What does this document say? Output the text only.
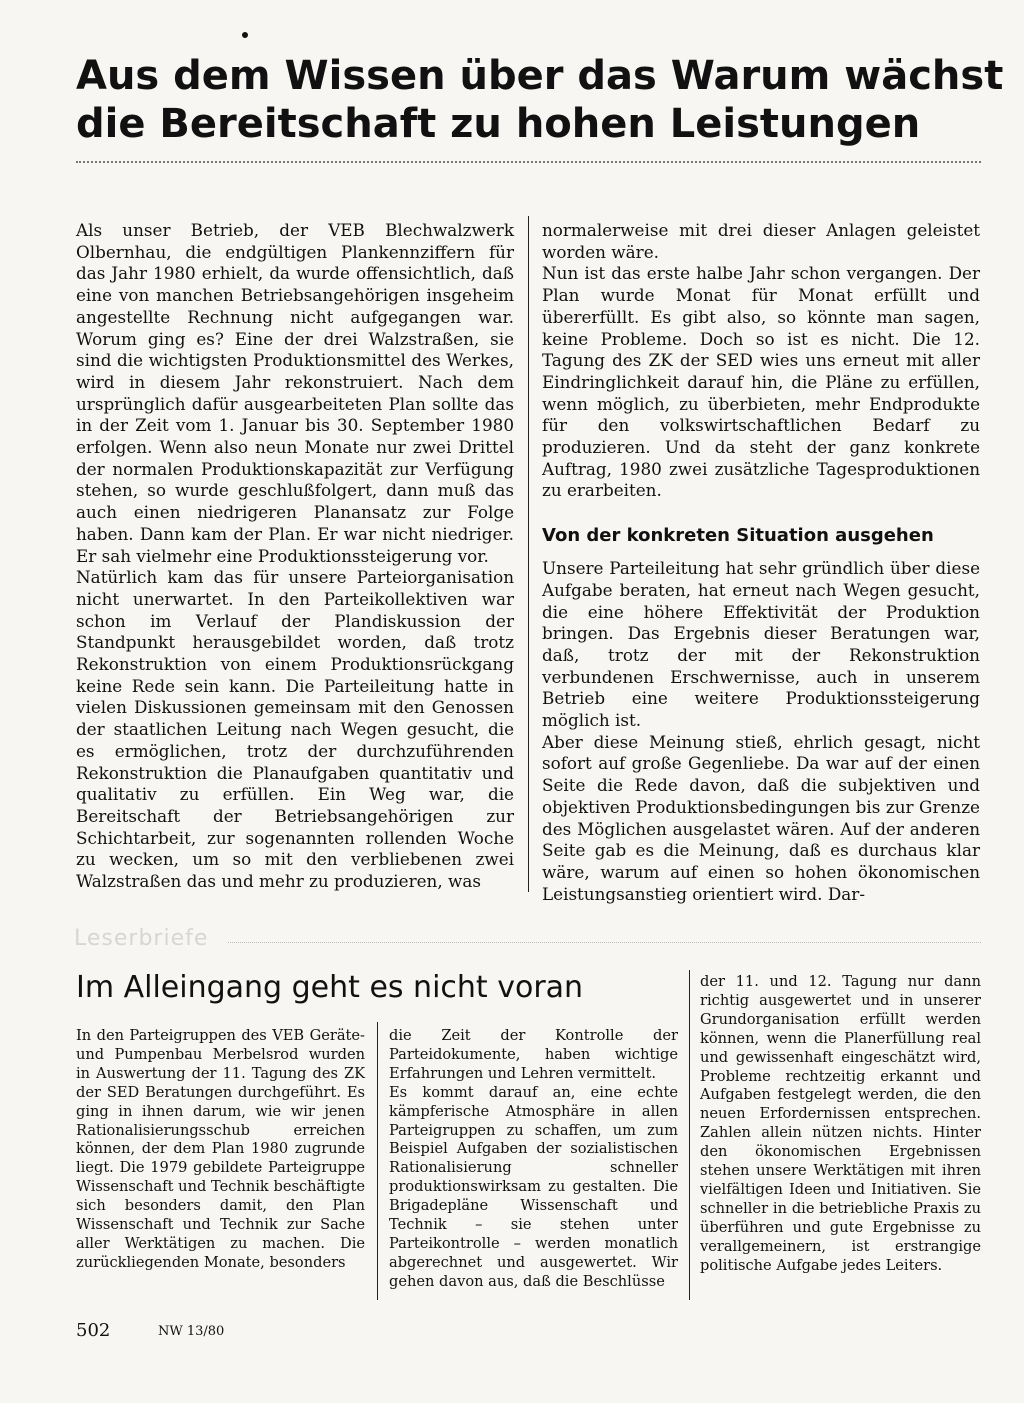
Aus dem Wissen über das Warum wächst
die Bereitschaft zu hohen Leistungen

Als unser Betrieb, der VEB Blechwalzwerk Olbernhau, die endgültigen Plankennziffern für das Jahr 1980 erhielt, da wurde offensichtlich, daß eine von manchen Betriebsangehörigen insgeheim angestellte Rechnung nicht aufgegangen war. Worum ging es? Eine der drei Walzstraßen, sie sind die wichtigsten Produktionsmittel des Werkes, wird in diesem Jahr rekonstruiert. Nach dem ursprünglich dafür ausgearbeiteten Plan sollte das in der Zeit vom 1. Januar bis 30. September 1980 erfolgen. Wenn also neun Monate nur zwei Drittel der normalen Produktionskapazität zur Verfügung stehen, so wurde geschlußfolgert, dann muß das auch einen niedrigeren Planansatz zur Folge haben. Dann kam der Plan. Er war nicht niedriger. Er sah vielmehr eine Produktionssteigerung vor.

Natürlich kam das für unsere Parteiorganisation nicht unerwartet. In den Parteikollektiven war schon im Verlauf der Plandiskussion der Standpunkt herausgebildet worden, daß trotz Rekonstruktion von einem Produktionsrückgang keine Rede sein kann. Die Parteileitung hatte in vielen Diskussionen gemeinsam mit den Genossen der staatlichen Leitung nach Wegen gesucht, die es ermöglichen, trotz der durchzuführenden Rekonstruktion die Planaufgaben quantitativ und qualitativ zu erfüllen. Ein Weg war, die Bereitschaft der Betriebsangehörigen zur Schichtarbeit, zur sogenannten rollenden Woche zu wecken, um so mit den verbliebenen zwei Walzstraßen das und mehr zu produzieren, was

normalerweise mit drei dieser Anlagen geleistet worden wäre.

Nun ist das erste halbe Jahr schon vergangen. Der Plan wurde Monat für Monat erfüllt und übererfüllt. Es gibt also, so könnte man sagen, keine Probleme. Doch so ist es nicht. Die 12. Tagung des ZK der SED wies uns erneut mit aller Eindringlichkeit darauf hin, die Pläne zu erfüllen, wenn möglich, zu überbieten, mehr Endprodukte für den volkswirtschaftlichen Bedarf zu produzieren. Und da steht der ganz konkrete Auftrag, 1980 zwei zusätzliche Tagesproduktionen zu erarbeiten.

Von der konkreten Situation ausgehen

Unsere Parteileitung hat sehr gründlich über diese Aufgabe beraten, hat erneut nach Wegen gesucht, die eine höhere Effektivität der Produktion bringen. Das Ergebnis dieser Beratungen war, daß, trotz der mit der Rekonstruktion verbundenen Erschwernisse, auch in unserem Betrieb eine weitere Produktionssteigerung möglich ist.

Aber diese Meinung stieß, ehrlich gesagt, nicht sofort auf große Gegenliebe. Da war auf der einen Seite die Rede davon, daß die subjektiven und objektiven Produktionsbedingungen bis zur Grenze des Möglichen ausgelastet wären. Auf der anderen Seite gab es die Meinung, daß es durchaus klar wäre, warum auf einen so hohen ökonomischen Leistungsanstieg orientiert wird. Dar-

Leserbriefe
Im Alleingang geht es nicht voran

In den Parteigruppen des VEB Geräte- und Pumpenbau Merbelsrod wurden in Auswertung der 11. Tagung des ZK der SED Beratungen durchgeführt. Es ging in ihnen darum, wie wir jenen Rationalisierungsschub erreichen können, der dem Plan 1980 zugrunde liegt. Die 1979 gebildete Parteigruppe Wissenschaft und Technik beschäftigte sich besonders damit, den Plan Wissenschaft und Technik zur Sache aller Werktätigen zu machen. Die zurückliegenden Monate, besonders

die Zeit der Kontrolle der Parteidokumente, haben wichtige Erfahrungen und Lehren vermittelt.

Es kommt darauf an, eine echte kämpferische Atmosphäre in allen Parteigruppen zu schaffen, um zum Beispiel Aufgaben der sozialistischen Rationalisierung schneller produktionswirksam zu gestalten. Die Brigadepläne Wissenschaft und Technik – sie stehen unter Parteikontrolle – werden monatlich abgerechnet und ausgewertet. Wir gehen davon aus, daß die Beschlüsse

der 11. und 12. Tagung nur dann richtig ausgewertet und in unserer Grundorganisation erfüllt werden können, wenn die Planerfüllung real und gewissenhaft eingeschätzt wird, Probleme rechtzeitig erkannt und Aufgaben festgelegt werden, die den neuen Erfordernissen entsprechen. Zahlen allein nützen nichts. Hinter den ökonomischen Ergebnissen stehen unsere Werktätigen mit ihren vielfältigen Ideen und Initiativen. Sie schneller in die betriebliche Praxis zu überführen und gute Ergebnisse zu verallgemeinern, ist erstrangige politische Aufgabe jedes Leiters.

502	NW 13/80
